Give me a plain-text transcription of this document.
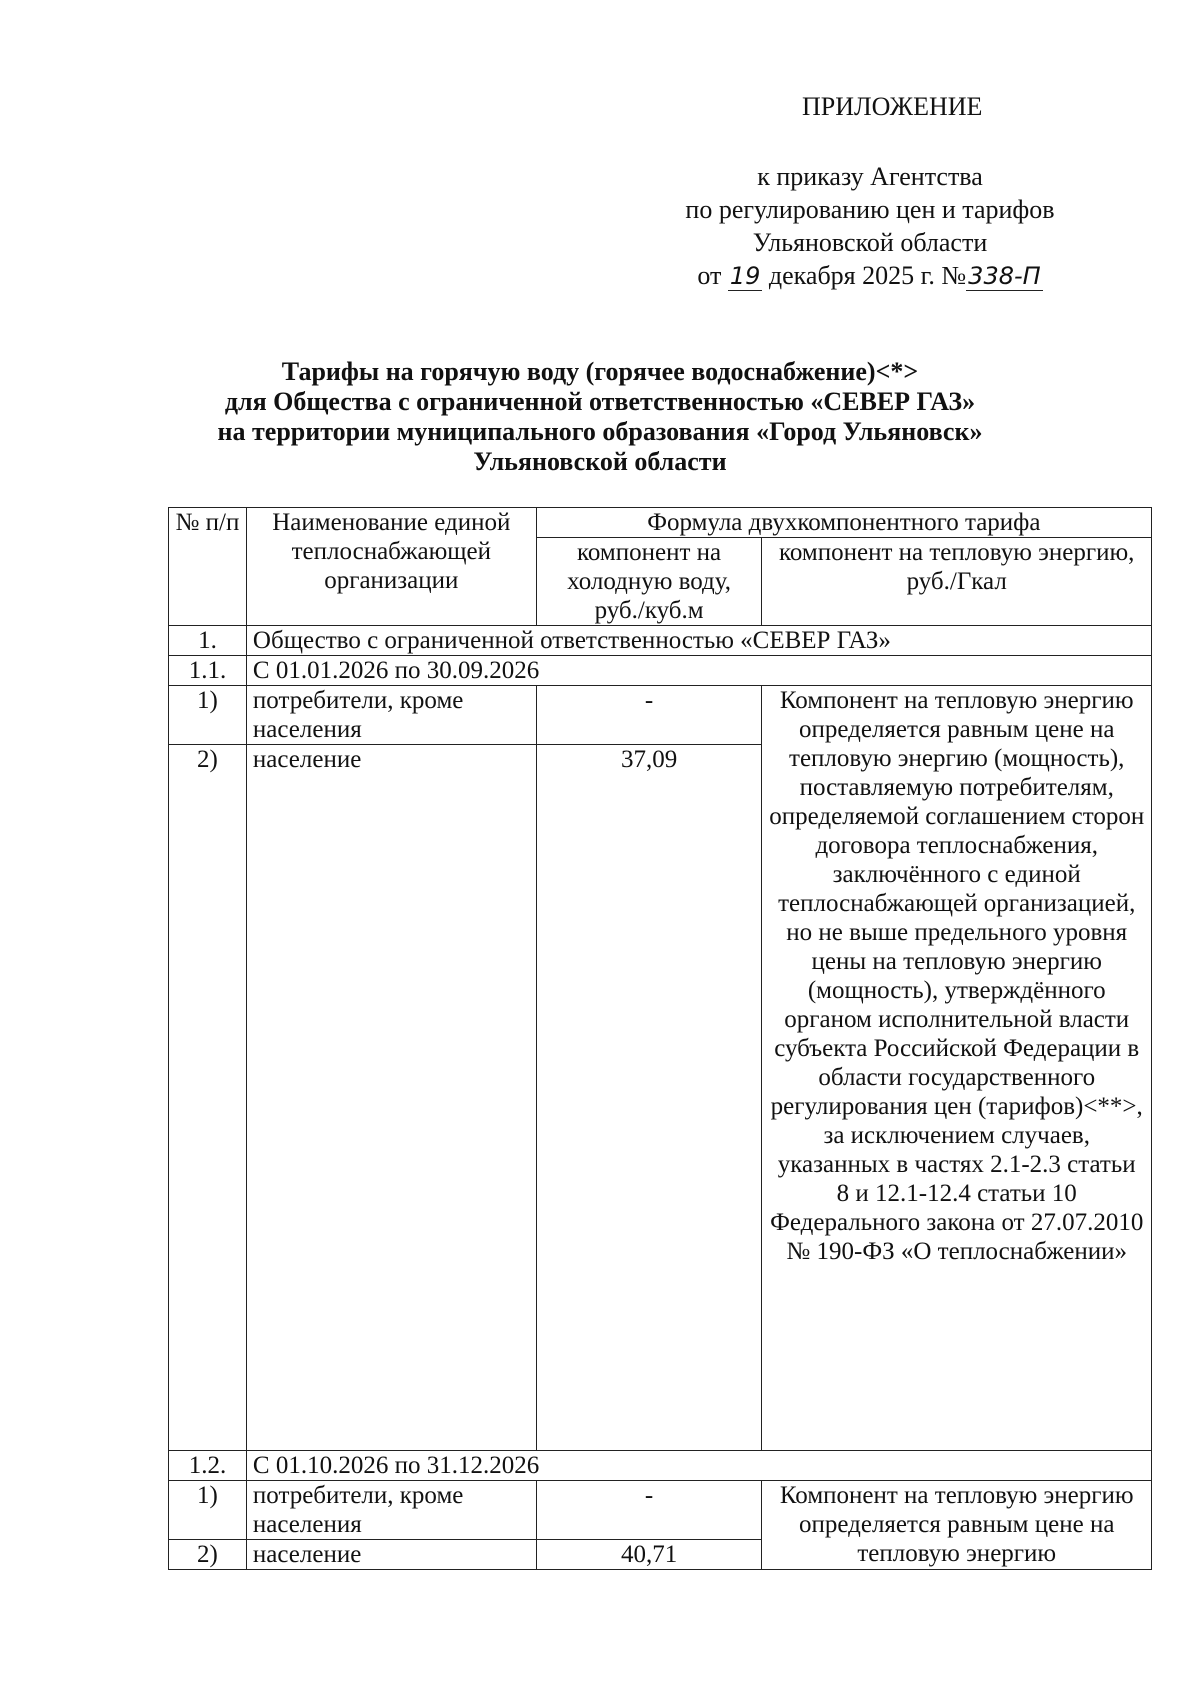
ПРИЛОЖЕНИЕ
к приказу Агентства
по регулированию цен и тарифов
Ульяновской области
от 19 декабря 2025 г. №338-П
Тарифы на горячую воду (горячее водоснабжение)<*>
для Общества с ограниченной ответственностью «СЕВЕР ГАЗ»
на территории муниципального образования «Город Ульяновск»
Ульяновской области
№ п/п	Наименование единой теплоснабжающей организации	Формула двухкомпонентного тарифа	
		компонент на холодную воду, руб./куб.м	компонент на тепловую энергию, руб./Гкал
1.	Общество с ограниченной ответственностью «СЕВЕР ГАЗ»		
1.1.	С 01.01.2026 по 30.09.2026		
1)	потребители, кроме населения	-	Компонент на тепловую энергию определяется равным цене на тепловую энергию (мощность), поставляемую потребителям, определяемой соглашением сторон договора теплоснабжения, заключённого с единой теплоснабжающей организацией, но не выше предельного уровня цены на тепловую энергию (мощность), утверждённого органом исполнительной власти субъекта Российской Федерации в области государственного регулирования цен (тарифов)<**>, за исключением случаев, указанных в частях 2.1-2.3 статьи 8 и 12.1-12.4 статьи 10 Федерального закона от 27.07.2010 № 190-ФЗ «О теплоснабжении»
2)	население	37,09	
1.2.	С 01.10.2026 по 31.12.2026		
1)	потребители, кроме населения	-	Компонент на тепловую энергию определяется равным цене на тепловую энергию
2)	население	40,71	
